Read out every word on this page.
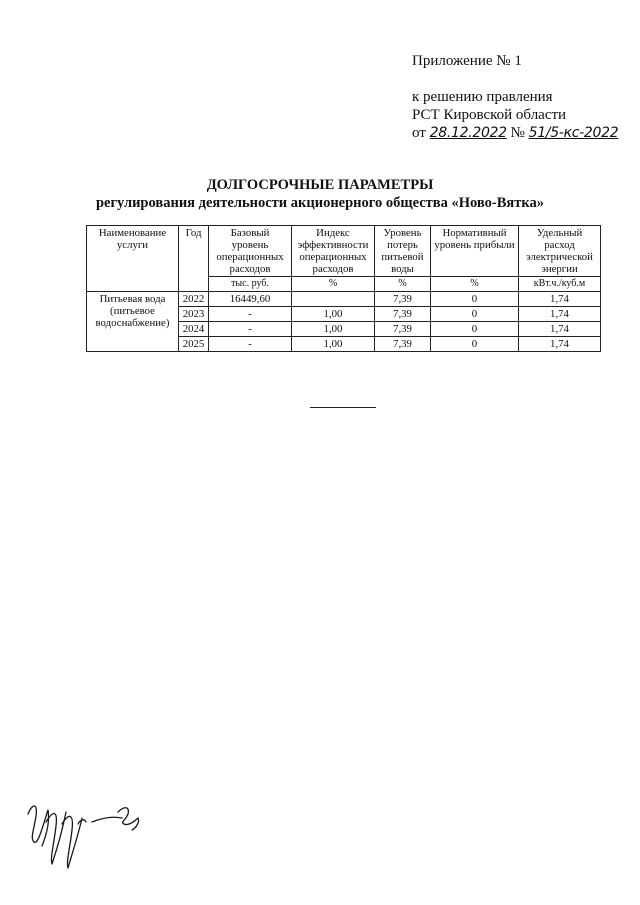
Приложение № 1
к решению правления
РСТ Кировской области
от 28.12.2022 № 51/5-кс-2022
ДОЛГОСРОЧНЫЕ ПАРАМЕТРЫ
регулирования деятельности акционерного общества «Ново-Вятка»
Наименование услуги	Год	Базовый уровень операционных расходов	Индекс эффективности операционных расходов	Уровень потерь питьевой воды	Нормативный уровень прибыли	Удельный расход электрической энергии
		тыс. руб.	%	%	%	кВт.ч./куб.м
Питьевая вода (питьевое водоснабжение)	2022	16449,60		7,39	0	1,74
	2023	-	1,00	7,39	0	1,74
	2024	-	1,00	7,39	0	1,74
	2025	-	1,00	7,39	0	1,74
